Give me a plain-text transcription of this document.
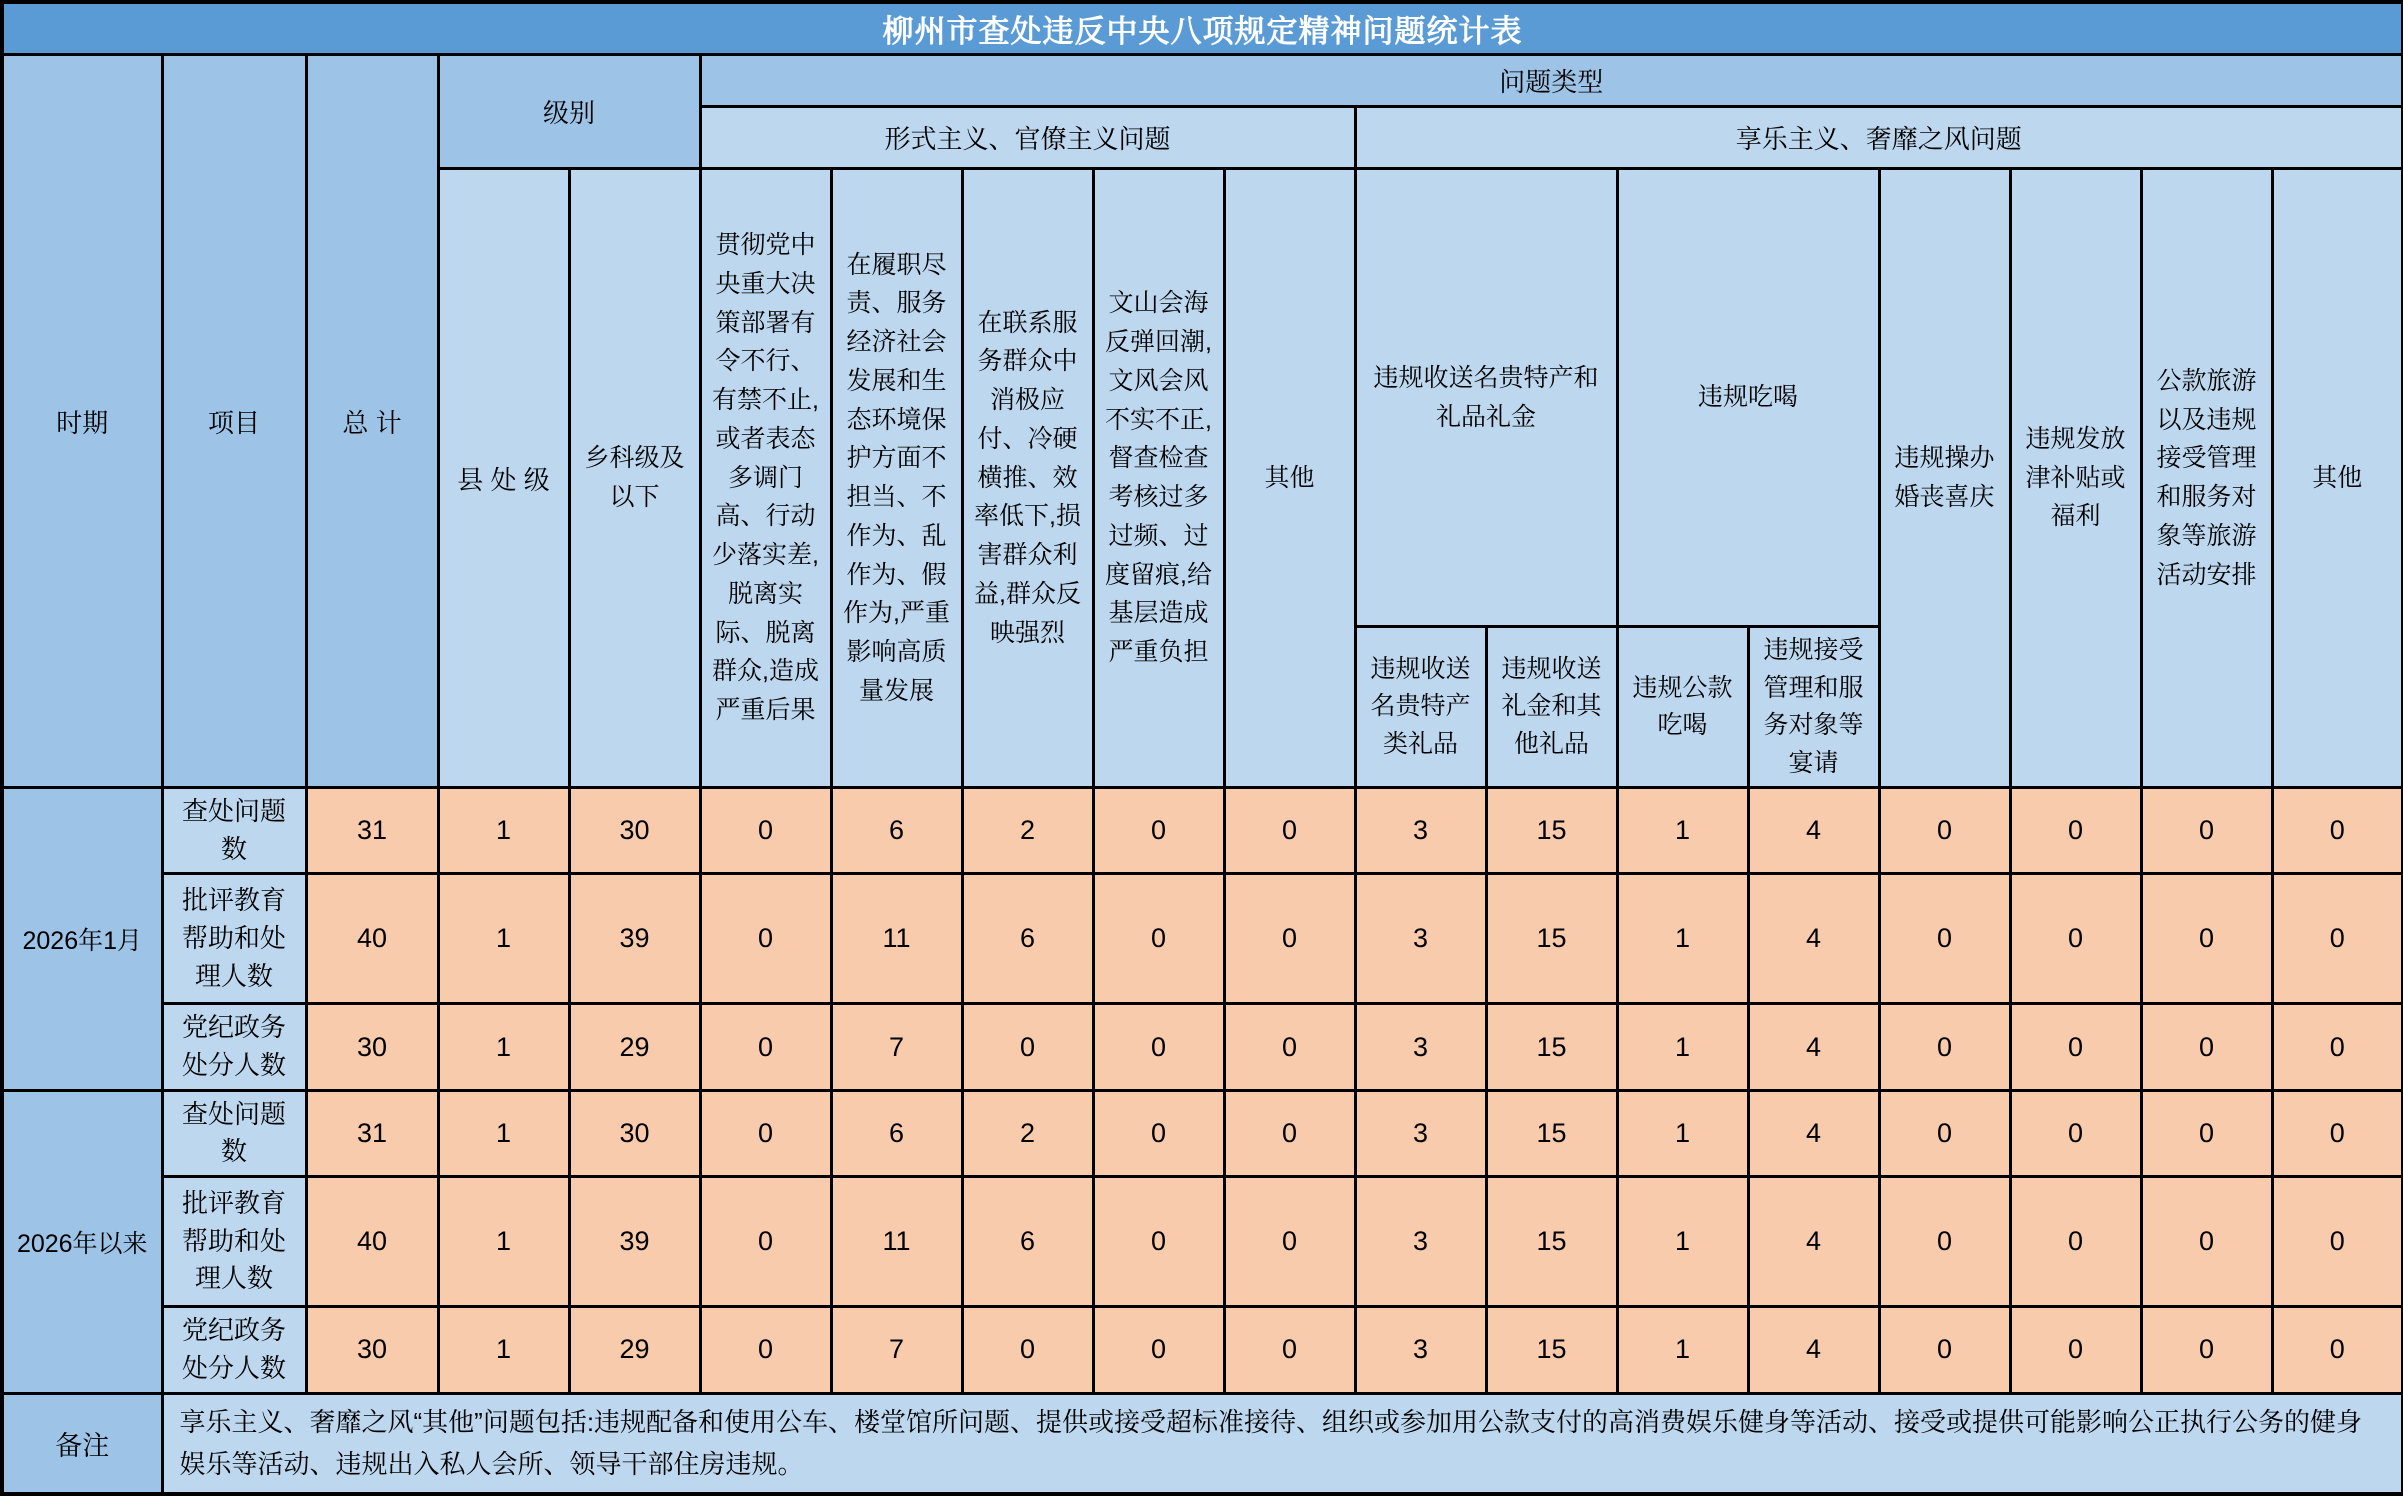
柳州市查处违反中央八项规定精神问题统计表																	
时期	项目	总 计	级别		问题类型												
					形式主义、官僚主义问题					享乐主义、奢靡之风问题							
			县 处 级	乡科级及以下	贯彻党中央重大决策部署有令不行、有禁不止,或者表态多调门高、行动少落实差,脱离实际、脱离群众,造成严重后果	在履职尽责、服务经济社会发展和生态环境保护方面不担当、不作为、乱作为、假作为,严重影响高质量发展	在联系服务群众中消极应付、冷硬横推、效率低下,损害群众利益,群众反映强烈	文山会海反弹回潮,文风会风不实不正,督查检查考核过多过频、过度留痕,给基层造成严重负担	其他	违规收送名贵特产和礼品礼金		违规吃喝		违规操办婚丧喜庆	违规发放津补贴或福利	公款旅游以及违规接受管理和服务对象等旅游活动安排	其他
										违规收送名贵特产类礼品	违规收送礼金和其他礼品	违规公款吃喝	违规接受管理和服务对象等宴请				
2026年1月	查处问题数	31	1	30	0	6	2	0	0	3	15	1	4	0	0	0	0
	批评教育帮助和处理人数	40	1	39	0	11	6	0	0	3	15	1	4	0	0	0	0
	党纪政务处分人数	30	1	29	0	7	0	0	0	3	15	1	4	0	0	0	0
2026年以来	查处问题数	31	1	30	0	6	2	0	0	3	15	1	4	0	0	0	0
	批评教育帮助和处理人数	40	1	39	0	11	6	0	0	3	15	1	4	0	0	0	0
	党纪政务处分人数	30	1	29	0	7	0	0	0	3	15	1	4	0	0	0	0
备注	享乐主义、奢靡之风“其他”问题包括:违规配备和使用公车、楼堂馆所问题、提供或接受超标准接待、组织或参加用公款支付的高消费娱乐健身等活动、接受或提供可能影响公正执行公务的健身娱乐等活动、违规出入私人会所、领导干部住房违规。																
